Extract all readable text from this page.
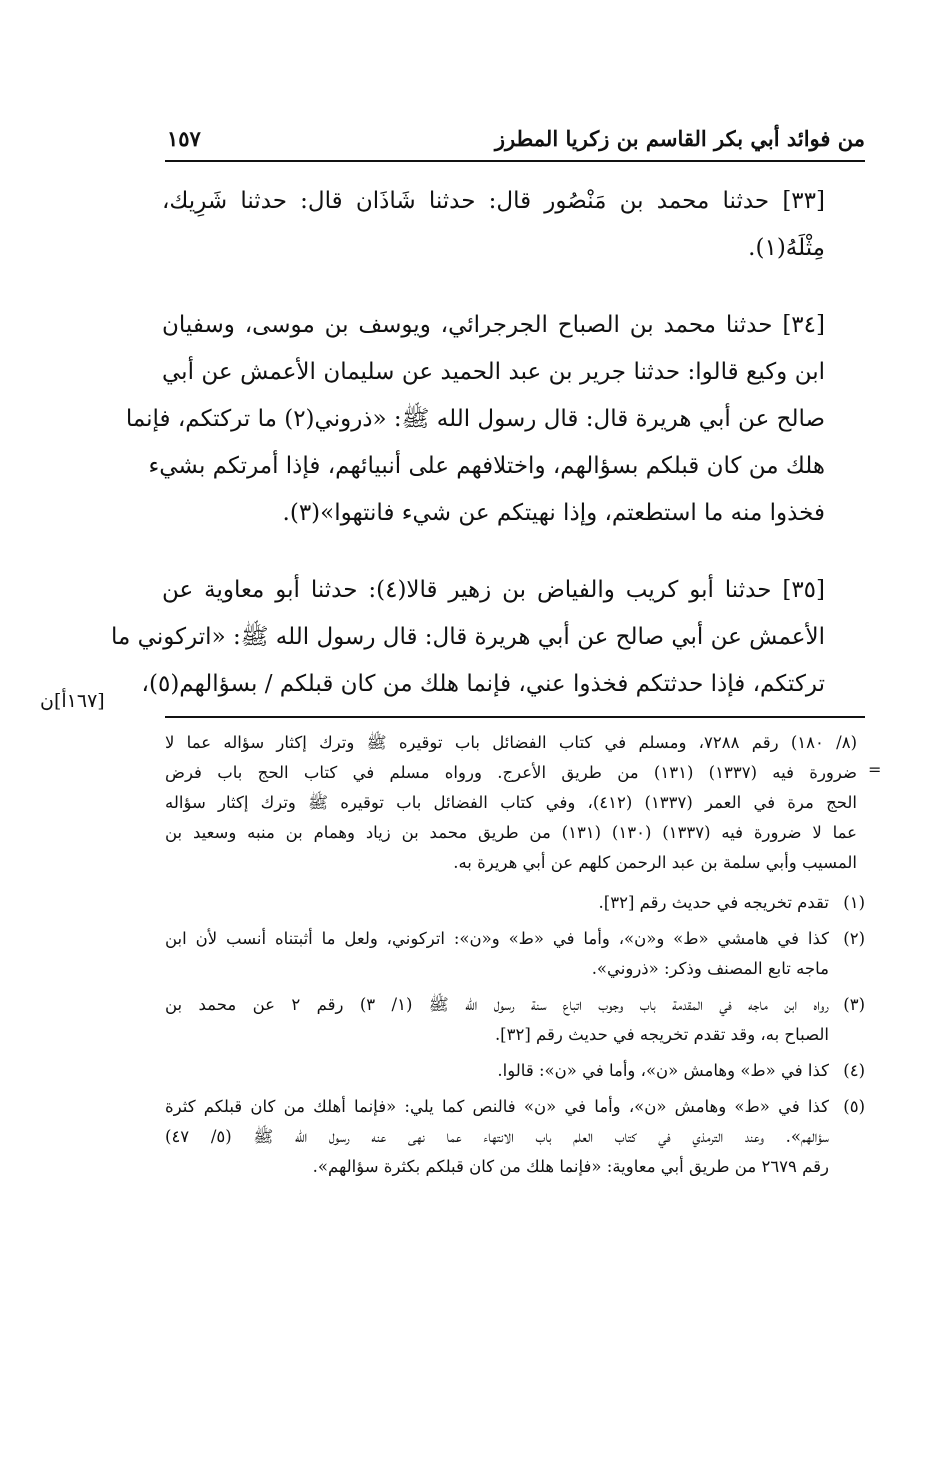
من فوائد أبي بكر القاسم بن زكريا المطرز
١٥٧
[٣٣] حدثنا محمد بن مَنْصُور قال: حدثنا شَاذَان قال: حدثنا شَرِيك،
مِثْلَهُ(١).
[٣٤] حدثنا محمد بن الصباح الجرجرائي، ويوسف بن موسى، وسفيان
ابن وكيع قالوا: حدثنا جرير بن عبد الحميد عن سليمان الأعمش عن أبي
صالح عن أبي هريرة قال: قال رسول الله ﷺ: «ذروني(٢) ما تركتكم، فإنما
هلك من كان قبلكم بسؤالهم، واختلافهم على أنبيائهم، فإذا أمرتكم بشيء
فخذوا منه ما استطعتم، وإذا نهيتكم عن شيء فانتهوا»(٣).
[٣٥] حدثنا أبو كريب والفياض بن زهير قالا(٤): حدثنا أبو معاوية عن
الأعمش عن أبي صالح عن أبي هريرة قال: قال رسول الله ﷺ: «اتركوني ما
تركتكم، فإذا حدثتكم فخذوا عني، فإنما هلك من كان قبلكم / بسؤالهم(٥)،
[١٦٧أ]ن
=
(٨/ ١٨٠) رقم ٧٢٨٨، ومسلم في كتاب الفضائل باب توقيره ﷺ وترك إكثار سؤاله عما لا
ضرورة فيه (١٣٣٧) (١٣١) من طريق الأعرج. ورواه مسلم في كتاب الحج باب فرض
الحج مرة في العمر (١٣٣٧) (٤١٢)، وفي كتاب الفضائل باب توقيره ﷺ وترك إكثار سؤاله
عما لا ضرورة فيه (١٣٣٧) (١٣٠) (١٣١) من طريق محمد بن زياد وهمام بن منبه وسعيد بن
المسيب وأبي سلمة بن عبد الرحمن كلهم عن أبي هريرة به.
(١)
تقدم تخريجه في حديث رقم [٣٢].
(٢)
كذا في هامشي «ط» و«ن»، وأما في «ط» و«ن»: اتركوني، ولعل ما أثبتناه أنسب لأن ابن
ماجه تابع المصنف وذكر: «ذروني».
(٣)
رواه ابن ماجه في المقدمة باب وجوب اتباع سنة رسول الله ﷺ (١/ ٣) رقم ٢ عن محمد بن
الصباح به، وقد تقدم تخريجه في حديث رقم [٣٢].
(٤)
كذا في «ط» وهامش «ن»، وأما في «ن»: قالوا.
(٥)
كذا في «ط» وهامش «ن»، وأما في «ن» فالنص كما يلي: «فإنما أهلك من كان قبلكم كثرة
سؤالهم». وعند الترمذي في كتاب العلم باب الانتهاء عما نهى عنه رسول الله ﷺ (٥/ ٤٧)
رقم ٢٦٧٩ من طريق أبي معاوية: «فإنما هلك من كان قبلكم بكثرة سؤالهم».
